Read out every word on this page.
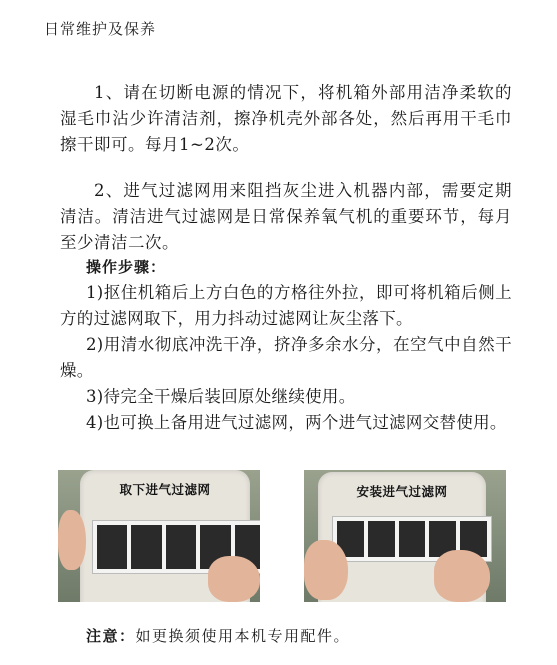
日常维护及保养

1、请在切断电源的情况下，将机箱外部用洁净柔软的湿毛巾沾少许清洁剂，擦净机壳外部各处，然后再用干毛巾擦干即可。每月1~2次。

2、进气过滤网用来阻挡灰尘进入机器内部，需要定期清洁。清洁进气过滤网是日常保养氧气机的重要环节，每月至少清洁二次。

操作步骤：

1)抠住机箱后上方白色的方格往外拉，即可将机箱后侧上方的过滤网取下，用力抖动过滤网让灰尘落下。

2)用清水彻底冲洗干净，挤净多余水分，在空气中自然干燥。

3)待完全干燥后装回原处继续使用。

4)也可换上备用进气过滤网，两个进气过滤网交替使用。

取下进气过滤网	安装进气过滤网
注意：如更换须使用本机专用配件。
